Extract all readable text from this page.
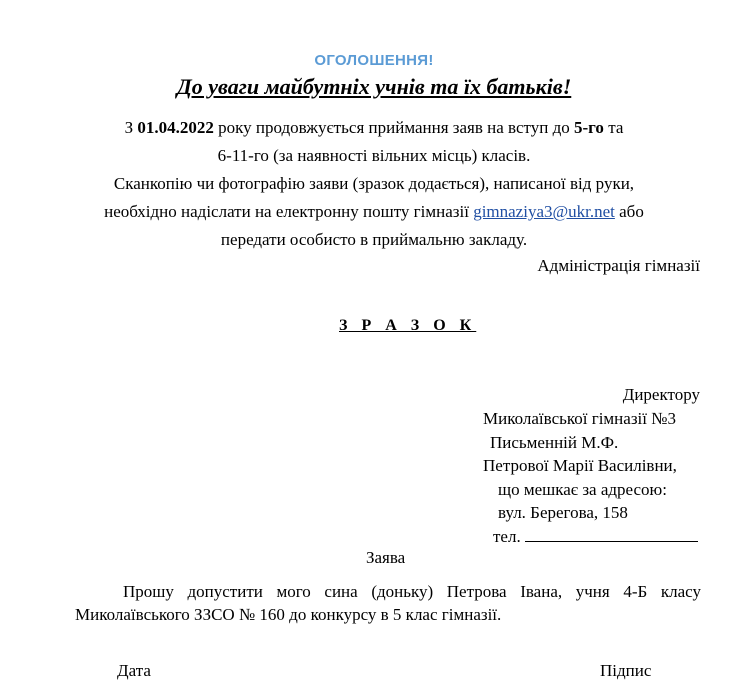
ОГОЛОШЕННЯ!
До уваги майбутніх учнів та їх батьків!
З 01.04.2022 року продовжується приймання заяв на вступ до 5-го та
6-11-го (за наявності вільних місць) класів.
Сканкопію чи фотографію заяви (зразок додається), написаної від руки,
необхідно надіслати на електронну пошту гімназії gimnaziya3@ukr.net або
передати особисто в приймальню закладу.
Адміністрація гімназії
З Р А З О К
Директору
Миколаївської гімназії №3
Письменній М.Ф.
Петрової Марії Василівни,
що мешкає за адресою:
вул. Берегова, 158
тел.
Заява
Прошу допустити мого сина (доньку) Петрова Івана, учня 4-Б класу
Миколаївського ЗЗСО № 160 до конкурсу в 5 клас гімназії.
Дата	Підпис
